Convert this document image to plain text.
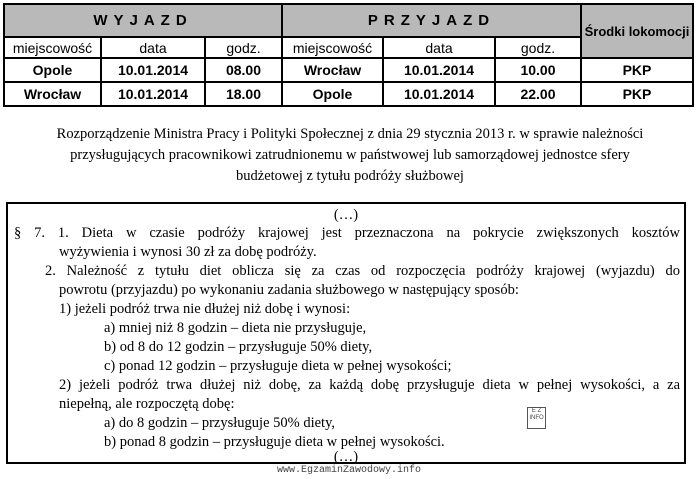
WYJAZD			PRZYJAZD			Środki lokomocji
miejscowość	data	godz.	miejscowość	data	godz.	
Opole	10.01.2014	08.00	Wrocław	10.01.2014	10.00	PKP
Wrocław	10.01.2014	18.00	Opole	10.01.2014	22.00	PKP
Rozporządzenie Ministra Pracy i Polityki Społecznej z dnia 29 stycznia 2013 r. w sprawie należności
przysługujących pracownikowi zatrudnionemu w państwowej lub samorządowej jednostce sfery
budżetowej z tytułu podróży służbowej
(…)
§ 7. 1. Dieta w czasie podróży krajowej jest przeznaczona na pokrycie zwiększonych kosztów
wyżywienia i wynosi 30 zł za dobę podróży.
2. Należność z tytułu diet oblicza się za czas od rozpoczęcia podróży krajowej (wyjazdu) do
powrotu (przyjazdu) po wykonaniu zadania służbowego w następujący sposób:
1) jeżeli podróż trwa nie dłużej niż dobę i wynosi:
a) mniej niż 8 godzin – dieta nie przysługuje,
b) od 8 do 12 godzin – przysługuje 50% diety,
c) ponad 12 godzin – przysługuje dieta w pełnej wysokości;
2) jeżeli podróż trwa dłużej niż dobę, za każdą dobę przysługuje dieta w pełnej wysokości, a za
niepełną, ale rozpoczętą dobę:
a) do 8 godzin – przysługuje 50% diety,
b) ponad 8 godzin – przysługuje dieta w pełnej wysokości.
(…)
E Z
INFO
www.EgzaminZawodowy.info
